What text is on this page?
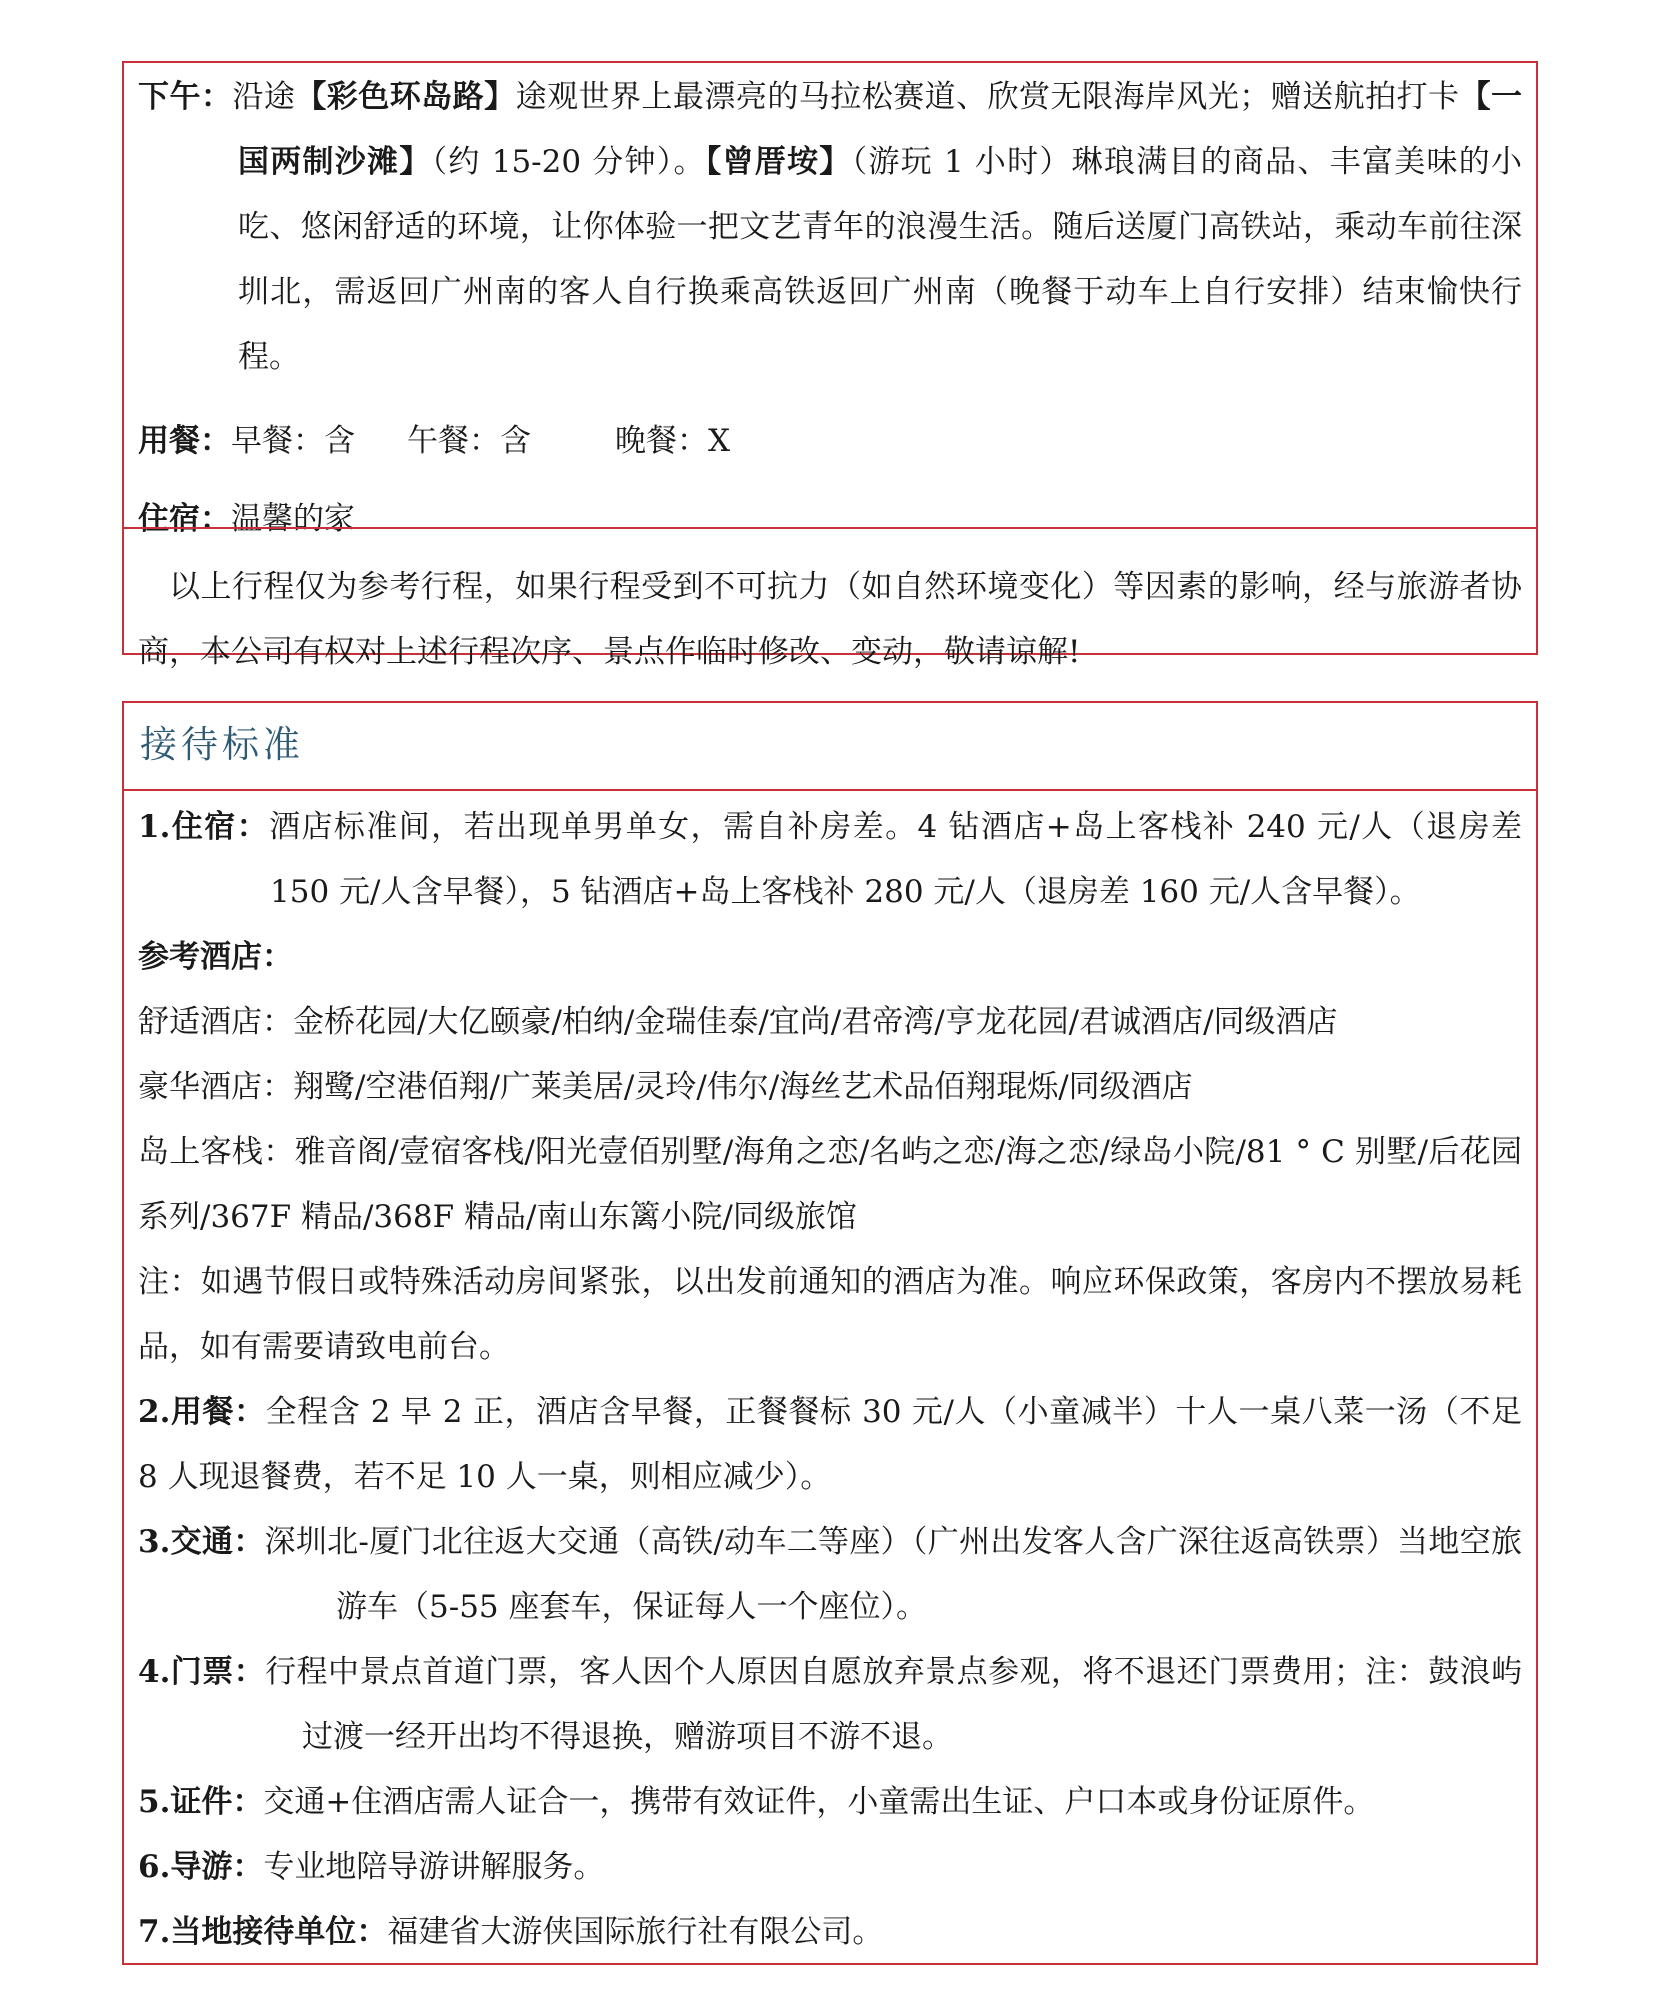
下午：沿途【彩色环岛路】途观世界上最漂亮的马拉松赛道、欣赏无限海岸风光；赠送航拍打卡【一国两制沙滩】（约 15-20 分钟）。【曾厝垵】（游玩 1 小时）琳琅满目的商品、丰富美味的小吃、悠闲舒适的环境，让你体验一把文艺青年的浪漫生活。随后送厦门高铁站，乘动车前往深圳北，需返回广州南的客人自行换乘高铁返回广州南（晚餐于动车上自行安排）结束愉快行程。
用餐：早餐：含 午餐：含	晚餐：X
住宿：温馨的家
以上行程仅为参考行程，如果行程受到不可抗力（如自然环境变化）等因素的影响，经与旅游者协商，本公司有权对上述行程次序、景点作临时修改、变动，敬请谅解!
接待标准
1.住宿：酒店标准间，若出现单男单女，需自补房差。4 钻酒店+岛上客栈补 240 元/人（退房差 150 元/人含早餐），5 钻酒店+岛上客栈补 280 元/人（退房差 160 元/人含早餐）。
参考酒店：
舒适酒店：金桥花园/大亿颐豪/柏纳/金瑞佳泰/宜尚/君帝湾/亨龙花园/君诚酒店/同级酒店
豪华酒店：翔鹭/空港佰翔/广莱美居/灵玲/伟尔/海丝艺术品佰翔琨烁/同级酒店
岛上客栈：雅音阁/壹宿客栈/阳光壹佰别墅/海角之恋/名屿之恋/海之恋/绿岛小院/81 ° C 别墅/后花园系列/367F 精品/368F 精品/南山东篱小院/同级旅馆
注：如遇节假日或特殊活动房间紧张，以出发前通知的酒店为准。响应环保政策，客房内不摆放易耗品，如有需要请致电前台。
2.用餐：全程含 2 早 2 正，酒店含早餐，正餐餐标 30 元/人（小童减半）十人一桌八菜一汤（不足 8 人现退餐费，若不足 10 人一桌，则相应减少）。
3.交通：深圳北-厦门北往返大交通（高铁/动车二等座）（广州出发客人含广深往返高铁票）当地空旅游车（5-55 座套车，保证每人一个座位）。
4.门票：行程中景点首道门票，客人因个人原因自愿放弃景点参观，将不退还门票费用；注：鼓浪屿过渡一经开出均不得退换，赠游项目不游不退。
5.证件：交通+住酒店需人证合一，携带有效证件，小童需出生证、户口本或身份证原件。
6.导游：专业地陪导游讲解服务。
7.当地接待单位：福建省大游侠国际旅行社有限公司。
